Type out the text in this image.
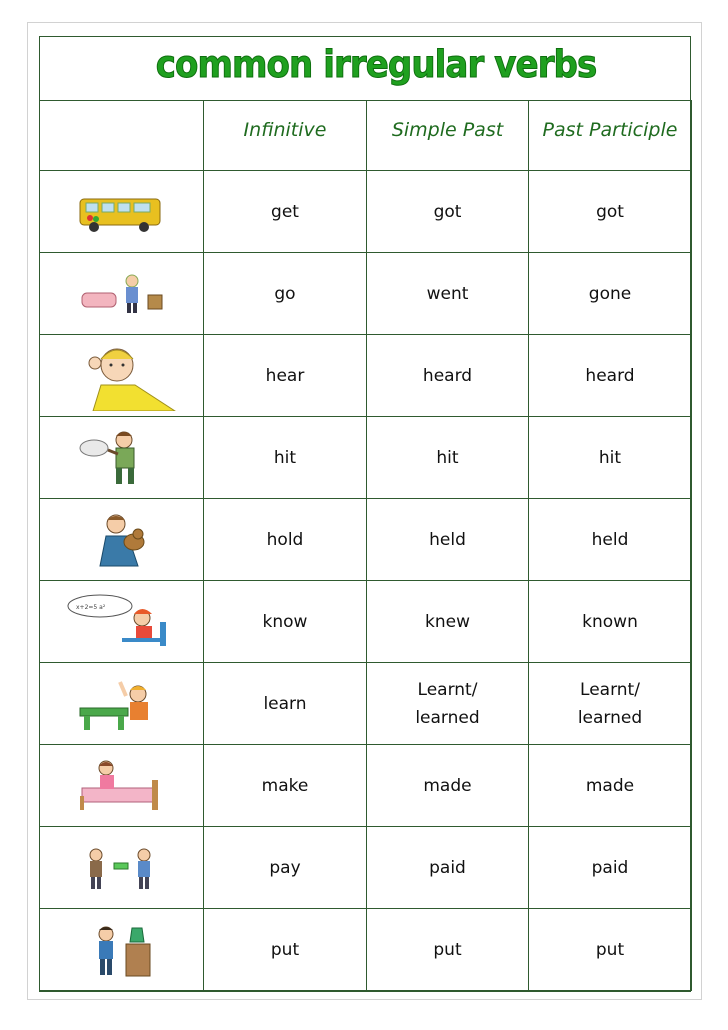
common irregular verbs
	Infinitive	Simple Past	Past Participle

	get	got	got

	go	went	gone

	hear	heard	heard

	hit	hit	hit

	hold	held	held

x+2=5 a²	know	knew	known

	learn	Learnt/ learned	Learnt/ learned

	make	made	made

	pay	paid	paid

	put	put	put
